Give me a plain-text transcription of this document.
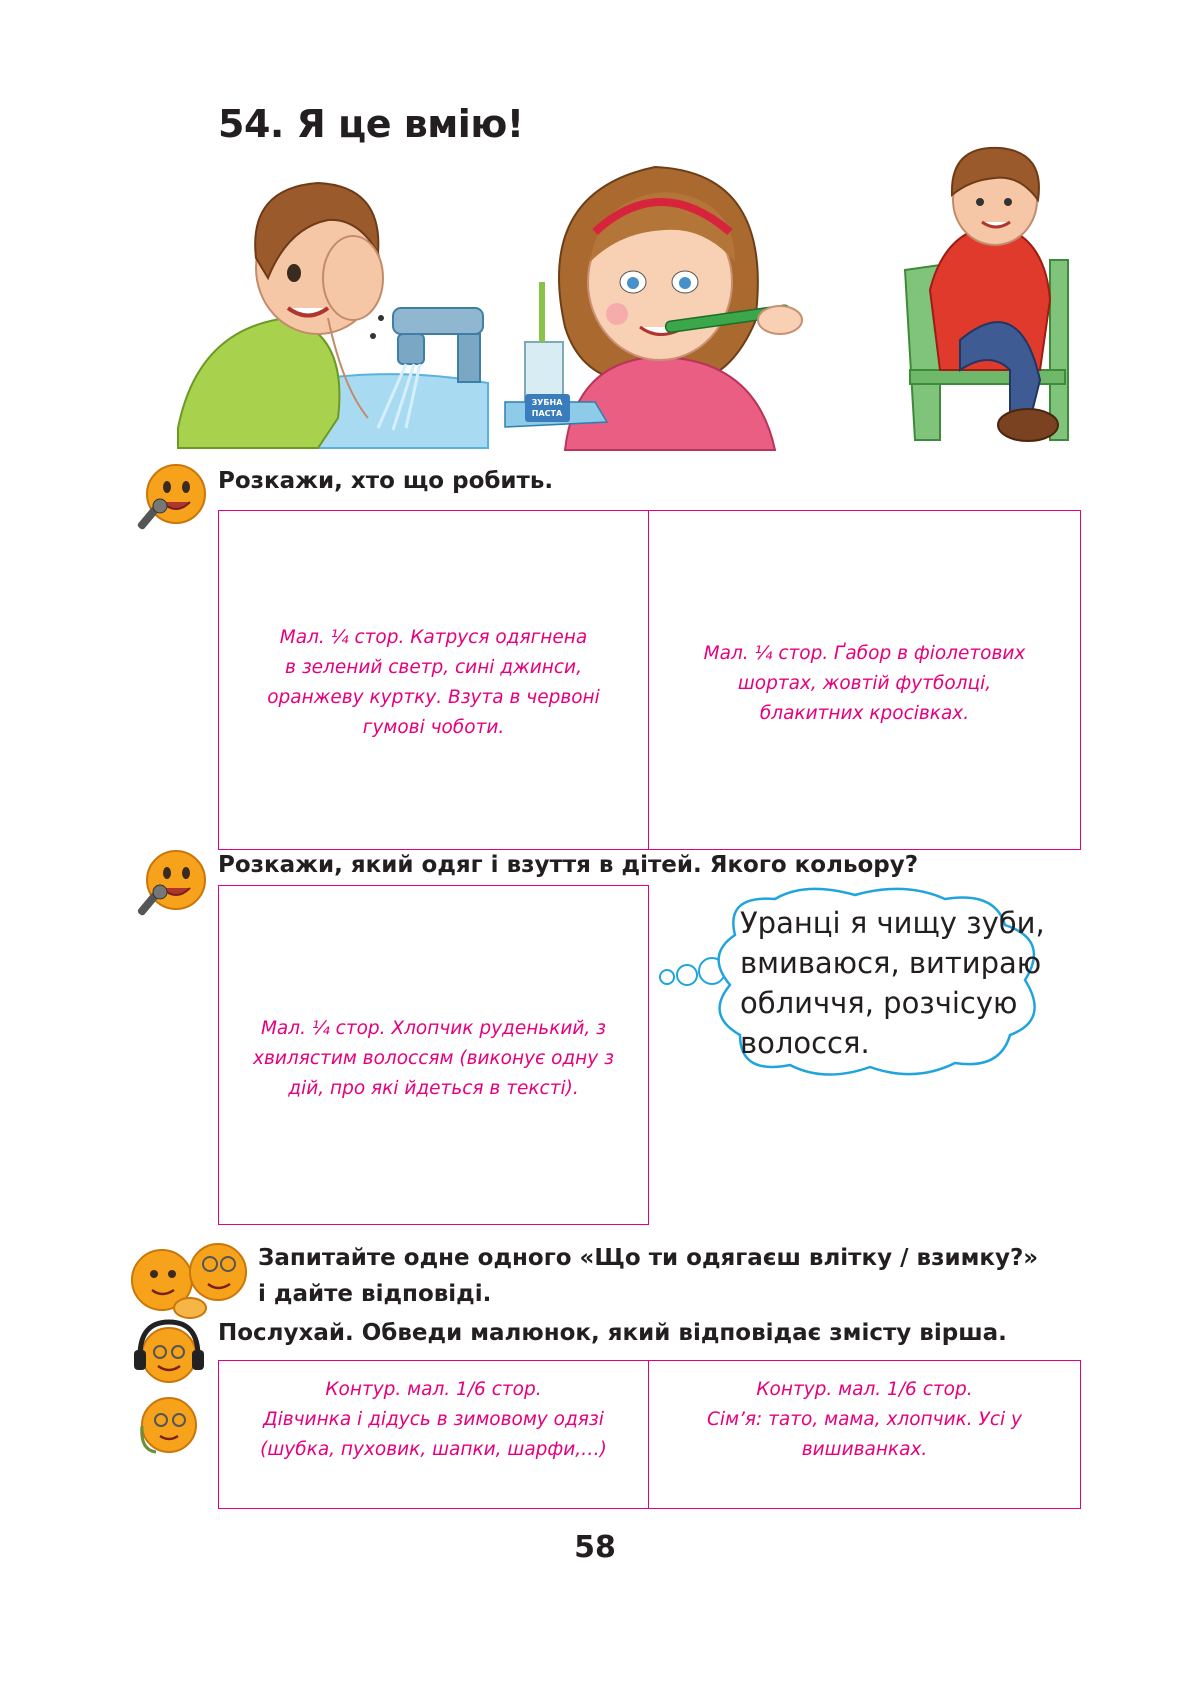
54. Я це вмію!
ЗУБНА
ПАСТА

Розкажи, хто що робить.

Мал. ¼ стор. Катруся одягнена
в зелений светр, сині джинси,
оранжеву куртку. Взута в червоні
гумові чоботи.
Мал. ¼ стор. Ґабор в фіолетових
шортах, жовтій футболці,
блакитних кросівках.

Розкажи, який одяг і взуття в дітей. Якого кольору?

Мал. ¼ стор. Хлопчик руденький, з
хвилястим волоссям (виконує одну з
дій, про які йдеться в тексті).
Уранці я чищу зуби,
вмиваюся, витираю
обличчя, розчісую
волосся.
Запитайте одне одного «Що ти одягаєш влітку / взимку?»
і дайте відповіді.

Послухай. Обведи малюнок, який відповідає змісту вірша.

Контур. мал. 1/6 стор.
Дівчинка і дідусь в зимовому одязі
(шубка, пуховик, шапки, шарфи,…)
Контур. мал. 1/6 стор.
Сім’я: тато, мама, хлопчик. Усі у
вишиванках.
58
